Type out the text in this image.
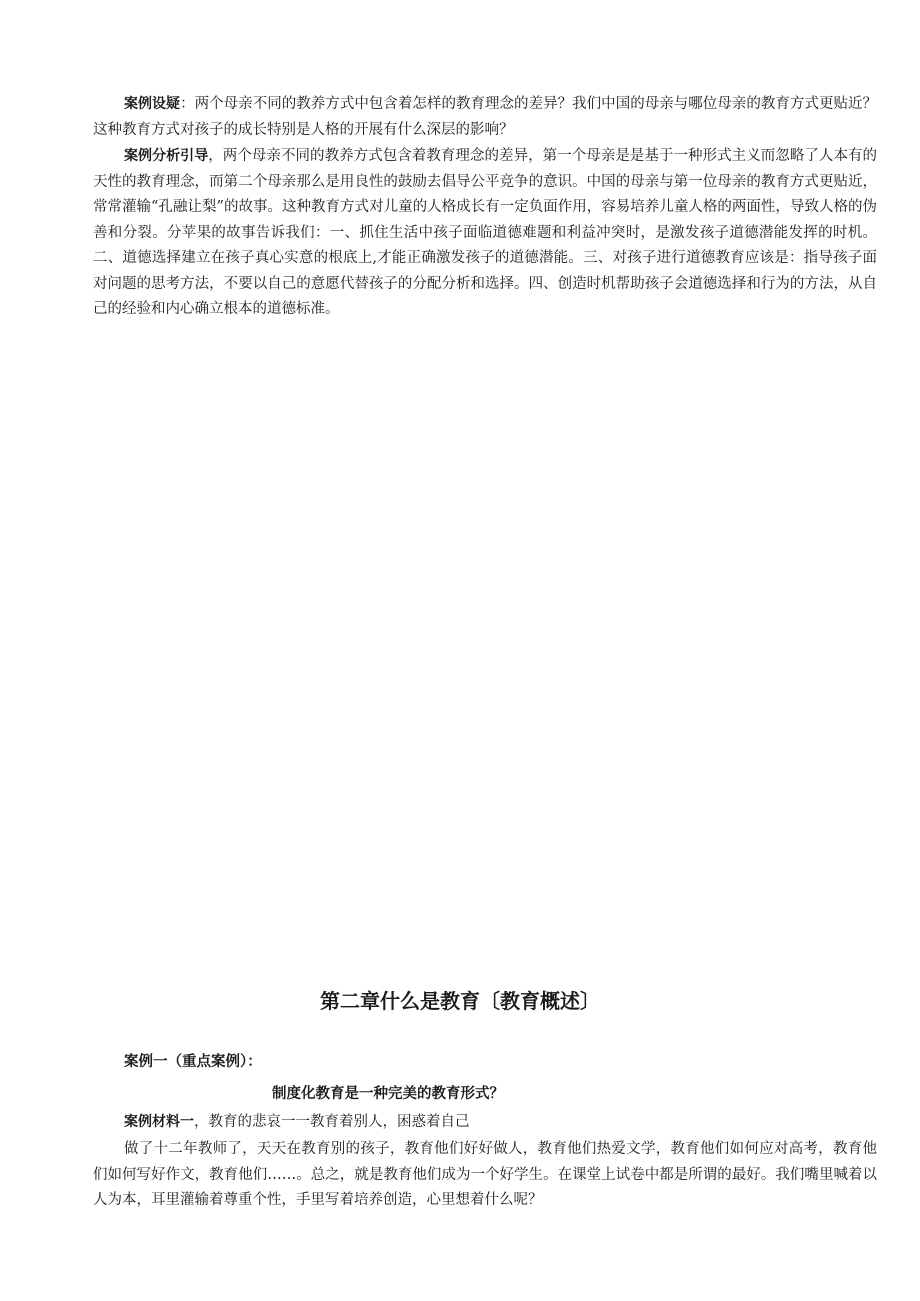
案例设疑：两个母亲不同的教养方式中包含着怎样的教育理念的差异？我们中国的母亲与哪位母亲的教育方式更贴近？这种教育方式对孩子的成长特别是人格的开展有什么深层的影响？

案例分析引导，两个母亲不同的教养方式包含着教育理念的差异，第一个母亲是是基于一种形式主义而忽略了人本有的天性的教育理念，而第二个母亲那么是用良性的鼓励去倡导公平竞争的意识。中国的母亲与第一位母亲的教育方式更贴近，常常灌输“孔融让梨”的故事。这种教育方式对儿童的人格成长有一定负面作用，容易培养儿童人格的两面性，导致人格的伪善和分裂。分苹果的故事告诉我们：一、抓住生活中孩子面临道德难题和利益冲突时，是激发孩子道德潜能发挥的时机。二、道德选择建立在孩子真心实意的根底上,才能正确激发孩子的道德潜能。三、对孩子进行道德教育应该是：指导孩子面对问题的思考方法，不要以自己的意愿代替孩子的分配分析和选择。四、创造时机帮助孩子会道德选择和行为的方法，从自己的经验和内心确立根本的道德标准。

第二章什么是教育〔教育概述〕

案例一（重点案例）：

制度化教育是一种完美的教育形式？

案例材料一，教育的悲哀一一教育着别人，困惑着自己

做了十二年教师了，天天在教育别的孩子，教育他们好好做人，教育他们热爱文学，教育他们如何应对高考，教育他们如何写好作文，教育他们……。总之，就是教育他们成为一个好学生。在课堂上试卷中都是所谓的最好。我们嘴里喊着以人为本，耳里灌输着尊重个性，手里写着培养创造，心里想着什么呢？
